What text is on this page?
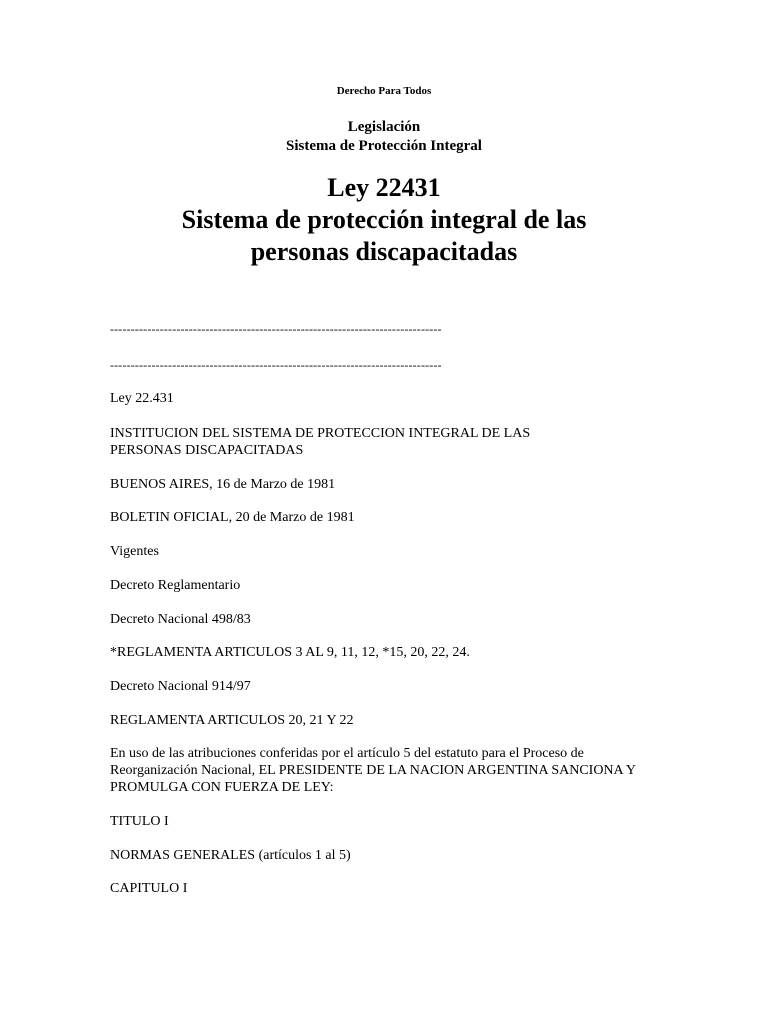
Derecho Para Todos
Legislación
Sistema de Protección Integral
Ley 22431
Sistema de protección integral de las
personas discapacitadas
--------------------------------------------------------------------------------
--------------------------------------------------------------------------------
Ley 22.431
INSTITUCION DEL SISTEMA DE PROTECCION INTEGRAL DE LAS PERSONAS DISCAPACITADAS
BUENOS AIRES, 16 de Marzo de 1981
BOLETIN OFICIAL, 20 de Marzo de 1981
Vigentes
Decreto Reglamentario
Decreto Nacional 498/83
*REGLAMENTA ARTICULOS 3 AL 9, 11, 12, *15, 20, 22, 24.
Decreto Nacional 914/97
REGLAMENTA ARTICULOS 20, 21 Y 22
En uso de las atribuciones conferidas por el artículo 5 del estatuto para el Proceso de Reorganización Nacional, EL PRESIDENTE DE LA NACION ARGENTINA SANCIONA Y PROMULGA CON FUERZA DE LEY:
TITULO I
NORMAS GENERALES (artículos 1 al 5)
CAPITULO I
